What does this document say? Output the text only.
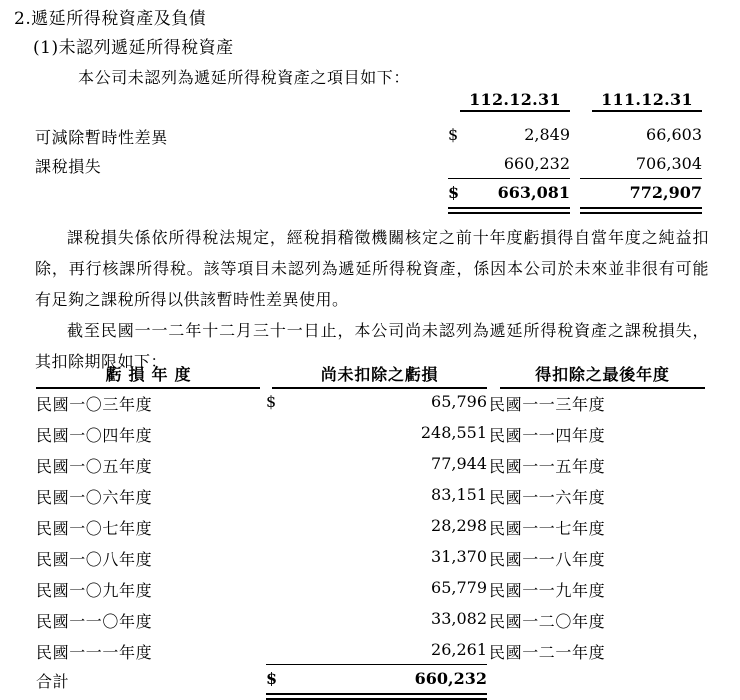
2.遞延所得稅資產及負債
(1)未認列遞延所得稅資產
本公司未認列為遞延所得稅資產之項目如下：
112.12.31	111.12.31
可減除暫時性差異	$	2,849	66,603
課稅損失	660,232	706,304
$	663,081	772,907
課稅損失係依所得稅法規定，經稅捐稽徵機關核定之前十年度虧損得自當年度之純益扣除，再行核課所得稅。該等項目未認列為遞延所得稅資產，係因本公司於未來並非很有可能有足夠之課稅所得以供該暫時性差異使用。
截至民國一一二年十二月三十一日止，本公司尚未認列為遞延所得稅資產之課稅損失，其扣除期限如下：
虧損年度	尚未扣除之虧損	得扣除之最後年度
民國一〇三年度	$	65,796 民國一一三年度
民國一〇四年度	248,551 民國一一四年度
民國一〇五年度	77,944 民國一一五年度
民國一〇六年度	83,151 民國一一六年度
民國一〇七年度	28,298 民國一一七年度
民國一〇八年度	31,370 民國一一八年度
民國一〇九年度	65,779 民國一一九年度
民國一一〇年度	33,082 民國一二〇年度
民國一一一年度	26,261 民國一二一年度
合計	$	660,232
